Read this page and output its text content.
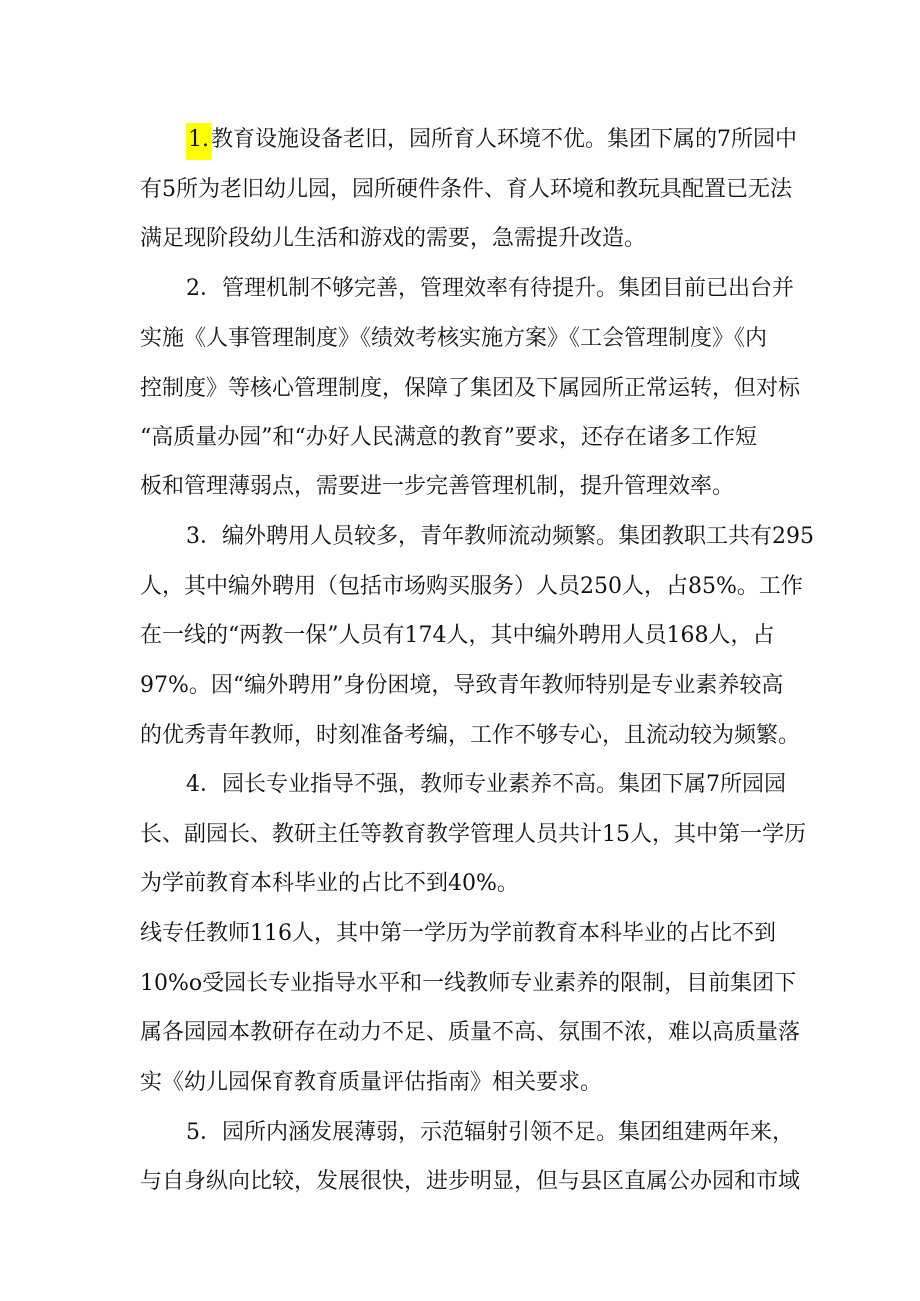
1.教育设施设备老旧，园所育人环境不优。集团下属的7所园中
有5所为老旧幼儿园，园所硬件条件、育人环境和教玩具配置已无法
满足现阶段幼儿生活和游戏的需要，急需提升改造。
2．管理机制不够完善，管理效率有待提升。集团目前已出台并
实施《人事管理制度》《绩效考核实施方案》《工会管理制度》《内
控制度》等核心管理制度，保障了集团及下属园所正常运转，但对标
“高质量办园”和“办好人民满意的教育”要求，还存在诸多工作短
板和管理薄弱点，需要进一步完善管理机制，提升管理效率。
3．编外聘用人员较多，青年教师流动频繁。集团教职工共有295
人，其中编外聘用（包括市场购买服务）人员250人，占85%。工作
在一线的“两教一保”人员有174人，其中编外聘用人员168人，占
97%。因“编外聘用”身份困境，导致青年教师特别是专业素养较高
的优秀青年教师，时刻准备考编，工作不够专心，且流动较为频繁。
4．园长专业指导不强，教师专业素养不高。集团下属7所园园
长、副园长、教研主任等教育教学管理人员共计15人，其中第一学历
为学前教育本科毕业的占比不到40%。
线专任教师116人，其中第一学历为学前教育本科毕业的占比不到
10%o受园长专业指导水平和一线教师专业素养的限制，目前集团下
属各园园本教研存在动力不足、质量不高、氛围不浓，难以高质量落
实《幼儿园保育教育质量评估指南》相关要求。
5．园所内涵发展薄弱，示范辐射引领不足。集团组建两年来，
与自身纵向比较，发展很快，进步明显，但与县区直属公办园和市域
